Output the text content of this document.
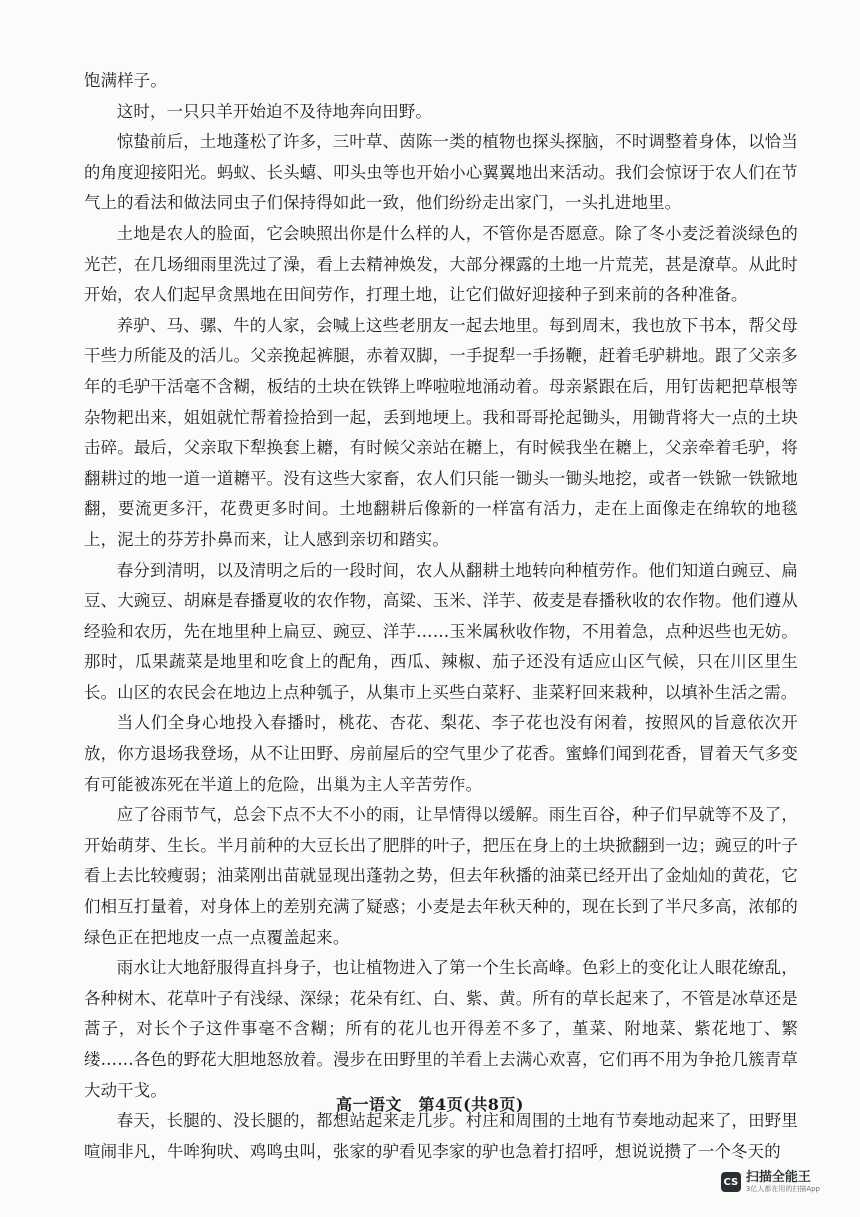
饱满样子。

这时，一只只羊开始迫不及待地奔向田野。

惊蛰前后，土地蓬松了许多，三叶草、茵陈一类的植物也探头探脑，不时调整着身体，以恰当的角度迎接阳光。蚂蚁、长头蟢、叩头虫等也开始小心翼翼地出来活动。我们会惊讶于农人们在节气上的看法和做法同虫子们保持得如此一致，他们纷纷走出家门，一头扎进地里。

土地是农人的脸面，它会映照出你是什么样的人，不管你是否愿意。除了冬小麦泛着淡绿色的光芒，在几场细雨里洗过了澡，看上去精神焕发，大部分裸露的土地一片荒芜，甚是潦草。从此时开始，农人们起早贪黑地在田间劳作，打理土地，让它们做好迎接种子到来前的各种准备。

养驴、马、骡、牛的人家，会喊上这些老朋友一起去地里。每到周末，我也放下书本，帮父母干些力所能及的活儿。父亲挽起裤腿，赤着双脚，一手捉犁一手扬鞭，赶着毛驴耕地。跟了父亲多年的毛驴干活毫不含糊，板结的土块在铁铧上哗啦啦地涌动着。母亲紧跟在后，用钉齿耙把草根等杂物耙出来，姐姐就忙帮着捡拾到一起，丢到地埂上。我和哥哥抡起锄头，用锄背将大一点的土块击碎。最后，父亲取下犁换套上耱，有时候父亲站在耱上，有时候我坐在耱上，父亲牵着毛驴，将翻耕过的地一道一道耱平。没有这些大家畜，农人们只能一锄头一锄头地挖，或者一铁锨一铁锨地翻，要流更多汗，花费更多时间。土地翻耕后像新的一样富有活力，走在上面像走在绵软的地毯上，泥土的芬芳扑鼻而来，让人感到亲切和踏实。

春分到清明，以及清明之后的一段时间，农人从翻耕土地转向种植劳作。他们知道白豌豆、扁豆、大豌豆、胡麻是春播夏收的农作物，高粱、玉米、洋芋、莜麦是春播秋收的农作物。他们遵从经验和农历，先在地里种上扁豆、豌豆、洋芋……玉米属秋收作物，不用着急，点种迟些也无妨。那时，瓜果蔬菜是地里和吃食上的配角，西瓜、辣椒、茄子还没有适应山区气候，只在川区里生长。山区的农民会在地边上点种瓠子，从集市上买些白菜籽、韭菜籽回来栽种，以填补生活之需。

当人们全身心地投入春播时，桃花、杏花、梨花、李子花也没有闲着，按照风的旨意依次开放，你方退场我登场，从不让田野、房前屋后的空气里少了花香。蜜蜂们闻到花香，冒着天气多变有可能被冻死在半道上的危险，出巢为主人辛苦劳作。

应了谷雨节气，总会下点不大不小的雨，让旱情得以缓解。雨生百谷，种子们早就等不及了，开始萌芽、生长。半月前种的大豆长出了肥胖的叶子，把压在身上的土块掀翻到一边；豌豆的叶子看上去比较瘦弱；油菜刚出苗就显现出蓬勃之势，但去年秋播的油菜已经开出了金灿灿的黄花，它们相互打量着，对身体上的差别充满了疑惑；小麦是去年秋天种的，现在长到了半尺多高，浓郁的绿色正在把地皮一点一点覆盖起来。

雨水让大地舒服得直抖身子，也让植物进入了第一个生长高峰。色彩上的变化让人眼花缭乱，各种树木、花草叶子有浅绿、深绿；花朵有红、白、紫、黄。所有的草长起来了，不管是冰草还是蒿子，对长个子这件事毫不含糊；所有的花儿也开得差不多了，堇菜、附地菜、紫花地丁、繁缕……各色的野花大胆地怒放着。漫步在田野里的羊看上去满心欢喜，它们再不用为争抢几簇青草大动干戈。

春天，长腿的、没长腿的，都想站起来走几步。村庄和周围的土地有节奏地动起来了，田野里喧闹非凡，牛哞狗吠、鸡鸣虫叫，张家的驴看见李家的驴也急着打招呼，想说说攒了一个冬天的

高一语文　第4页(共8页)
CS 扫描全能王
3亿人都在用的扫描App
